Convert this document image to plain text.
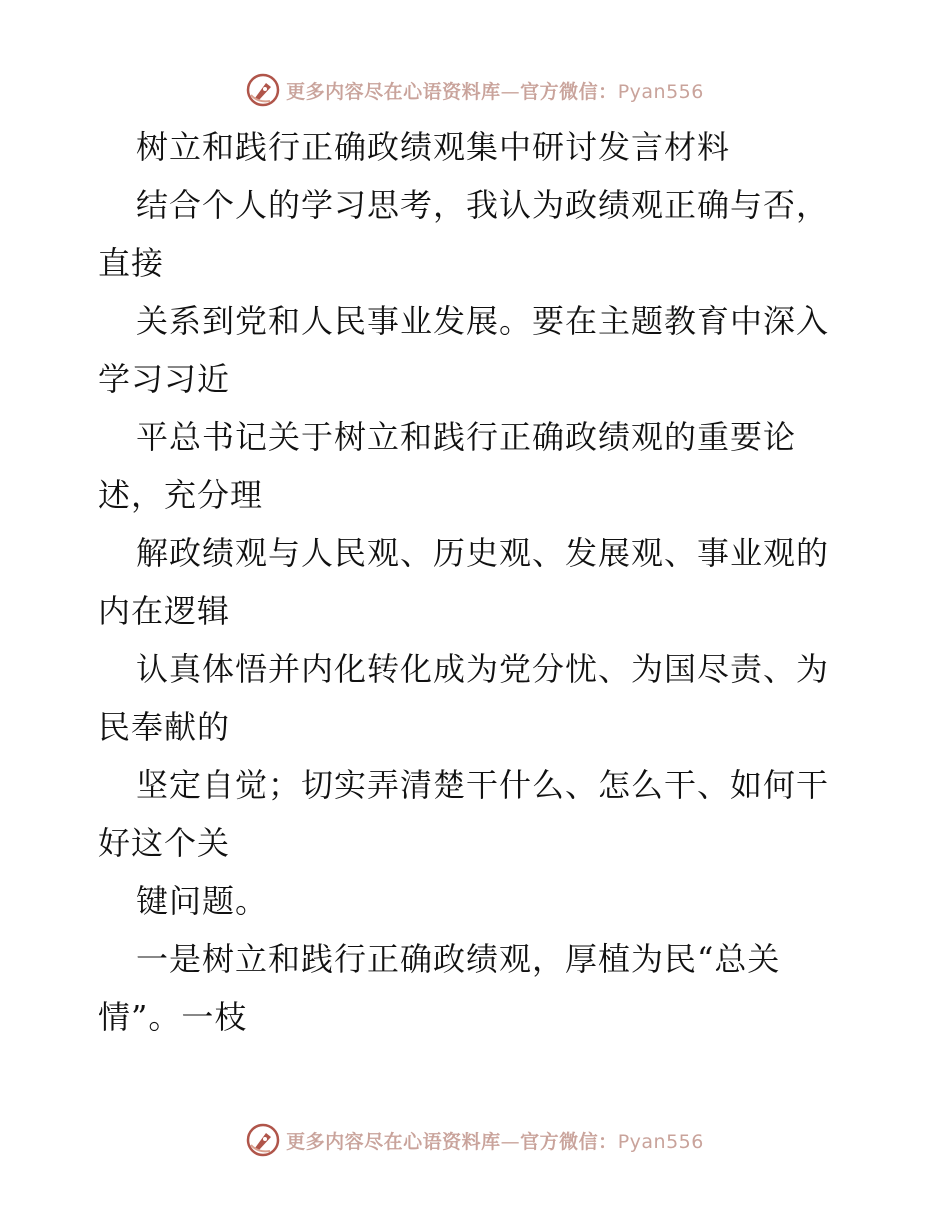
更多内容尽在心语资料库—官方微信：Pyan556
树立和践行正确政绩观集中研讨发言材料
结合个人的学习思考，我认为政绩观正确与否，
直接
关系到党和人民事业发展。要在主题教育中深入
学习习近
平总书记关于树立和践行正确政绩观的重要论
述，充分理
解政绩观与人民观、历史观、发展观、事业观的
内在逻辑
认真体悟并内化转化成为党分忧、为国尽责、为
民奉献的
坚定自觉；切实弄清楚干什么、怎么干、如何干
好这个关
键问题。
一是树立和践行正确政绩观，厚植为民“总关
情”。一枝
更多内容尽在心语资料库—官方微信：Pyan556
